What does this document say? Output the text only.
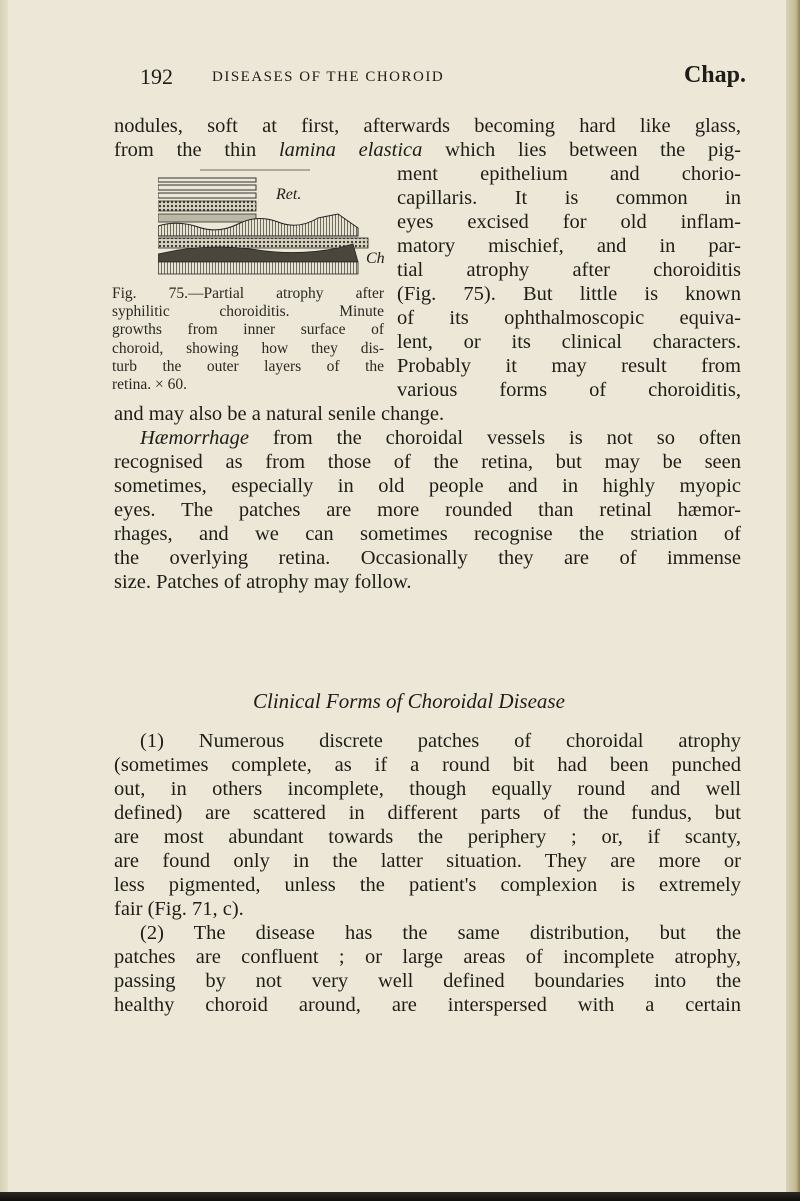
192	DISEASES OF THE CHOROID	Chap.
nodules, soft at first, afterwards becoming hard like glass,
from the thin lamina elastica which lies between the pig-
ment epithelium and chorio-
capillaris. It is common in
eyes excised for old inflam-
matory mischief, and in par-
tial atrophy after choroiditis
(Fig. 75). But little is known
of its ophthalmoscopic equiva-
lent, or its clinical characters.
Probably it may result from
various forms of choroiditis,
and may also be a natural senile change.
Hæmorrhage from the choroidal vessels is not so often
recognised as from those of the retina, but may be seen
sometimes, especially in old people and in highly myopic
eyes. The patches are more rounded than retinal hæmor-
rhages, and we can sometimes recognise the striation of
the overlying retina. Occasionally they are of immense
size. Patches of atrophy may follow.
(1) Numerous discrete patches of choroidal atrophy
(sometimes complete, as if a round bit had been punched
out, in others incomplete, though equally round and well
defined) are scattered in different parts of the fundus, but
are most abundant towards the periphery ; or, if scanty,
are found only in the latter situation. They are more or
less pigmented, unless the patient's complexion is extremely
fair (Fig. 71, c).
(2) The disease has the same distribution, but the
patches are confluent ; or large areas of incomplete atrophy,
passing by not very well defined boundaries into the
healthy choroid around, are interspersed with a certain
Clinical Forms of Choroidal Disease
Ret.
Ch
Fig. 75.—Partial atrophy after
syphilitic choroiditis. Minute
growths from inner surface of
choroid, showing how they dis-
turb the outer layers of the
retina. × 60.
